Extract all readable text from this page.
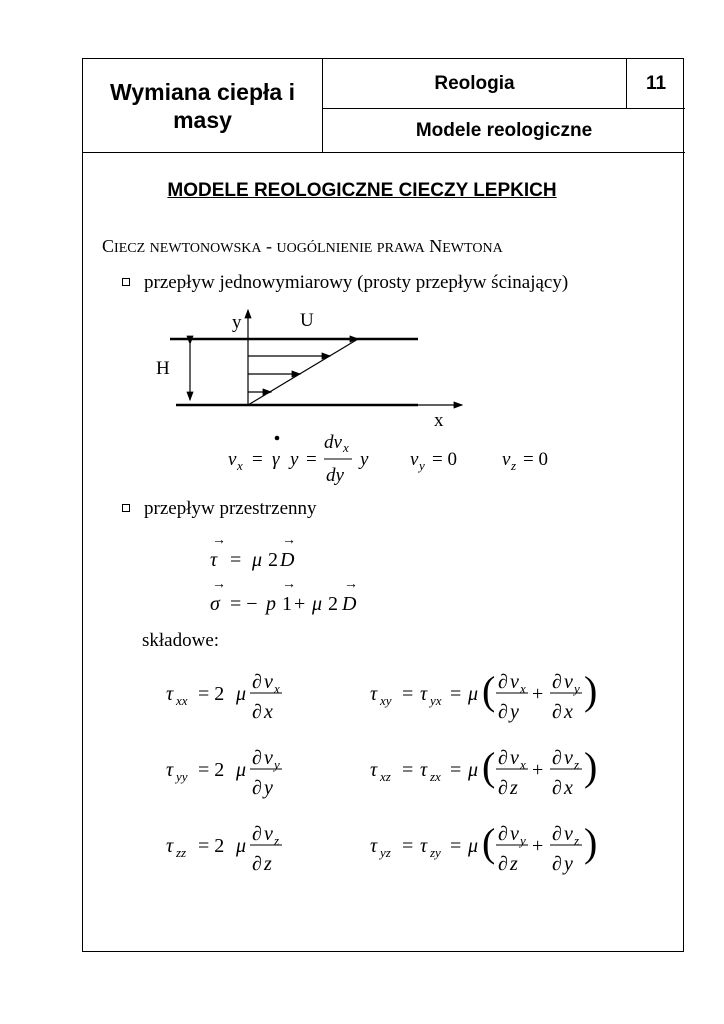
Wymiana ciepła i masy
Reologia	11
Modele reologiczne
MODELE REOLOGICZNE CIECZY LEPKICH
CIECZ NEWTONOWSKA - UOGÓLNIENIE PRAWA NEWTONA
przepływ jednowymiarowy (prosty przepływ ścinający)
y	U
H
x
v x = γ y =
dv x
dy
y v y = 0 v z = 0
przepływ przestrzenny
→
τ = μ 2
→
D
→
σ = − p
→
1 + μ 2
→
D
składowe:
τ xx = 2 μ
∂ v x
∂ x
τ xy = τ yx = μ ( ∂ v x
∂ y
+
∂ v y
∂ x )
τ yy = 2 μ
∂ v y
∂ y
τ xz = τ zx = μ ( ∂ v x
∂ z
+
∂ v z
∂ x )
τ zz = 2 μ
∂ v z
∂ z
τ yz = τ zy = μ ( ∂ v y
∂ z
+
∂ v z
∂ y )
